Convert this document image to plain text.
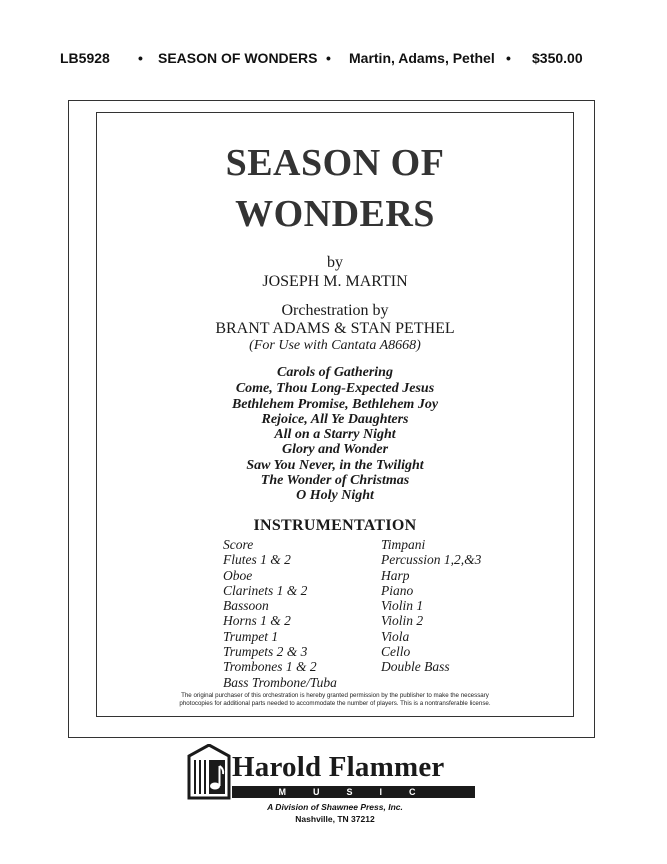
LB5928 • SEASON OF WONDERS • Martin, Adams, Pethel • $350.00
SEASON OF
WONDERS
by
JOSEPH M. MARTIN
Orchestration by
BRANT ADAMS & STAN PETHEL
(For Use with Cantata A8668)
Carols of Gathering
Come, Thou Long-Expected Jesus
Bethlehem Promise, Bethlehem Joy
Rejoice, All Ye Daughters
All on a Starry Night
Glory and Wonder
Saw You Never, in the Twilight
The Wonder of Christmas
O Holy Night
INSTRUMENTATION
Score
Flutes 1 & 2
Oboe
Clarinets 1 & 2
Bassoon
Horns 1 & 2
Trumpet 1
Trumpets 2 & 3
Trombones 1 & 2
Bass Trombone/Tuba
Timpani
Percussion 1,2,&3
Harp
Piano
Violin 1
Violin 2
Viola
Cello
Double Bass
The original purchaser of this orchestration is hereby granted permission by the publisher to make the necessary
photocopies for additional parts needed to accommodate the number of players. This is a nontransferable license.
Harold Flammer
MUSIC
A Division of Shawnee Press, Inc.
Nashville, TN 37212
